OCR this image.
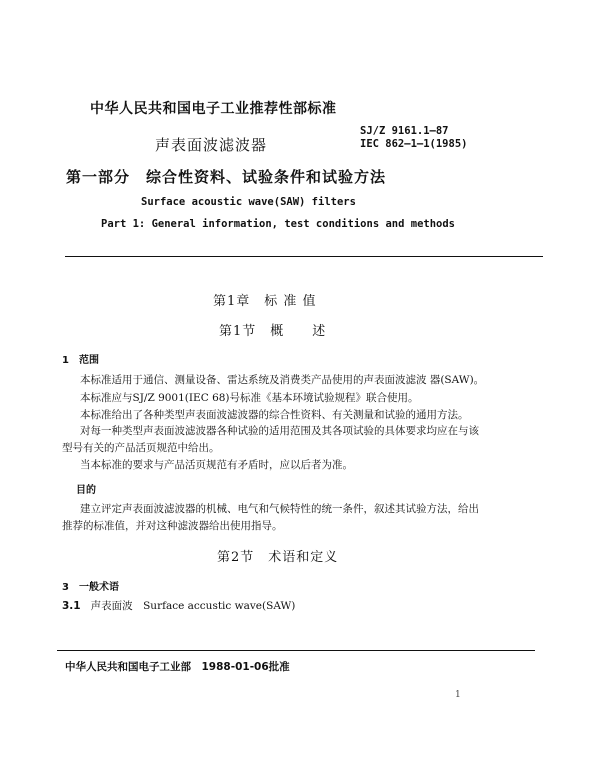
中华人民共和国电子工业推荐性部标准
声表面波滤波器
SJ/Z 9161.1—87
IEC 862—1—1(1985)
第一部分　综合性资料、试验条件和试验方法
Surface acoustic wave(SAW) filters
Part 1: General information, test conditions and methods
第1章　标 准 值
第1节　概　　述
1　范围
本标准适用于通信、测量设备、雷达系统及消费类产品使用的声表面波滤波 器(SAW)。
本标准应与SJ/Z 9001(IEC 68)号标准《基本环境试验规程》联合使用。
本标准给出了各种类型声表面波滤波器的综合性资料、有关测量和试验的通用方法。
对每一种类型声表面波滤波器各种试验的适用范围及其各项试验的具体要求均应在与该
型号有关的产品活页规范中给出。
当本标准的要求与产品活页规范有矛盾时，应以后者为准。
目的
建立评定声表面波滤波器的机械、电气和气候特性的统一条件，叙述其试验方法，给出
推荐的标准值，并对这种滤波器给出使用指导。
第2节　术语和定义
3　一般术语
3.1 声表面波　Surface accustic wave(SAW)
中华人民共和国电子工业部　1988-01-06批准
1
